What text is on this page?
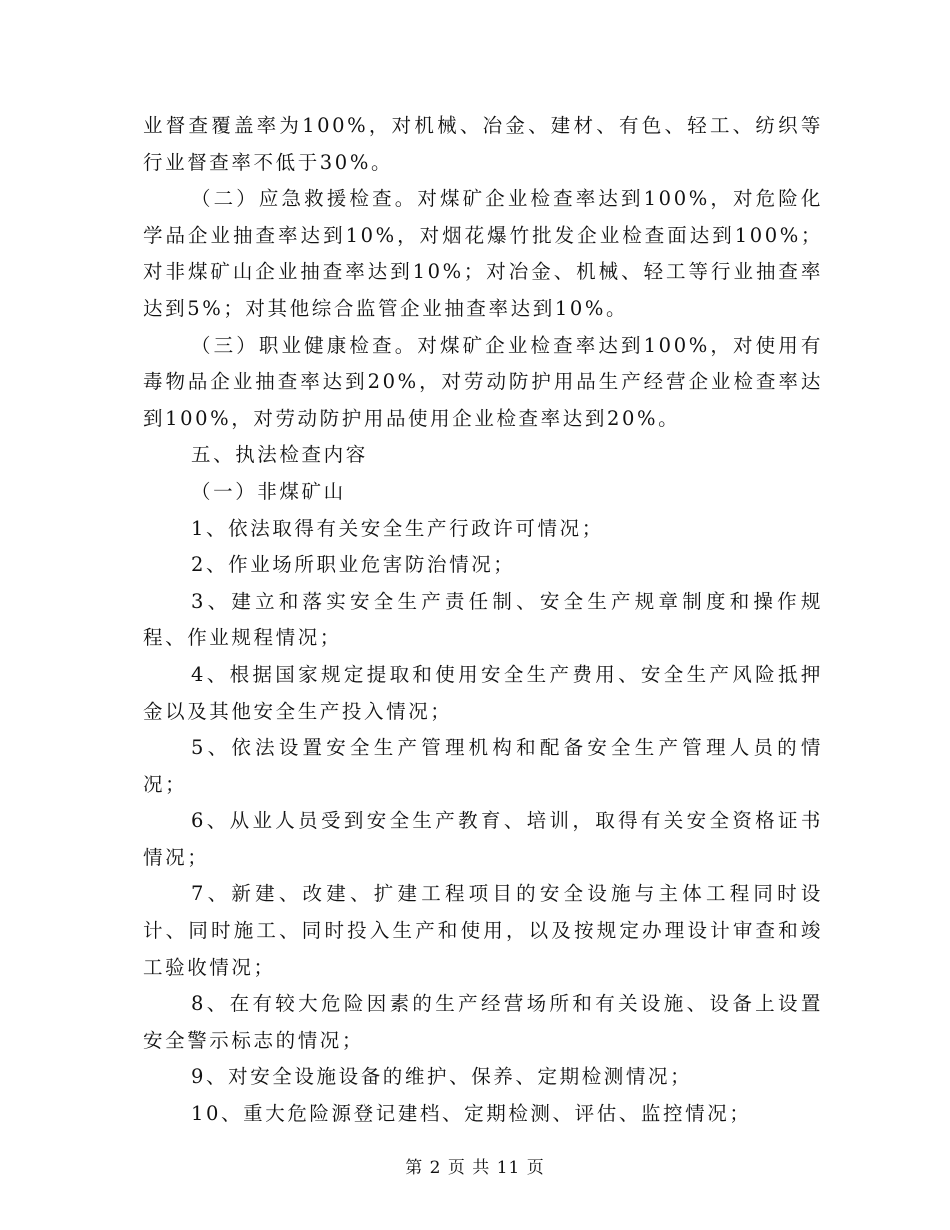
业督查覆盖率为100%，对机械、冶金、建材、有色、轻工、纺织等行业督查率不低于30%。

（二）应急救援检查。对煤矿企业检查率达到100%，对危险化学品企业抽查率达到10%，对烟花爆竹批发企业检查面达到100%；对非煤矿山企业抽查率达到10%；对冶金、机械、轻工等行业抽查率达到5%；对其他综合监管企业抽查率达到10%。

（三）职业健康检查。对煤矿企业检查率达到100%，对使用有毒物品企业抽查率达到20%，对劳动防护用品生产经营企业检查率达到100%，对劳动防护用品使用企业检查率达到20%。

五、执法检查内容

（一）非煤矿山

1、依法取得有关安全生产行政许可情况；

2、作业场所职业危害防治情况；

3、建立和落实安全生产责任制、安全生产规章制度和操作规程、作业规程情况；

4、根据国家规定提取和使用安全生产费用、安全生产风险抵押金以及其他安全生产投入情况；

5、依法设置安全生产管理机构和配备安全生产管理人员的情况；

6、从业人员受到安全生产教育、培训，取得有关安全资格证书情况；

7、新建、改建、扩建工程项目的安全设施与主体工程同时设计、同时施工、同时投入生产和使用，以及按规定办理设计审查和竣工验收情况；

8、在有较大危险因素的生产经营场所和有关设施、设备上设置安全警示标志的情况；

9、对安全设施设备的维护、保养、定期检测情况；

10、重大危险源登记建档、定期检测、评估、监控情况；

第 2 页 共 11 页
